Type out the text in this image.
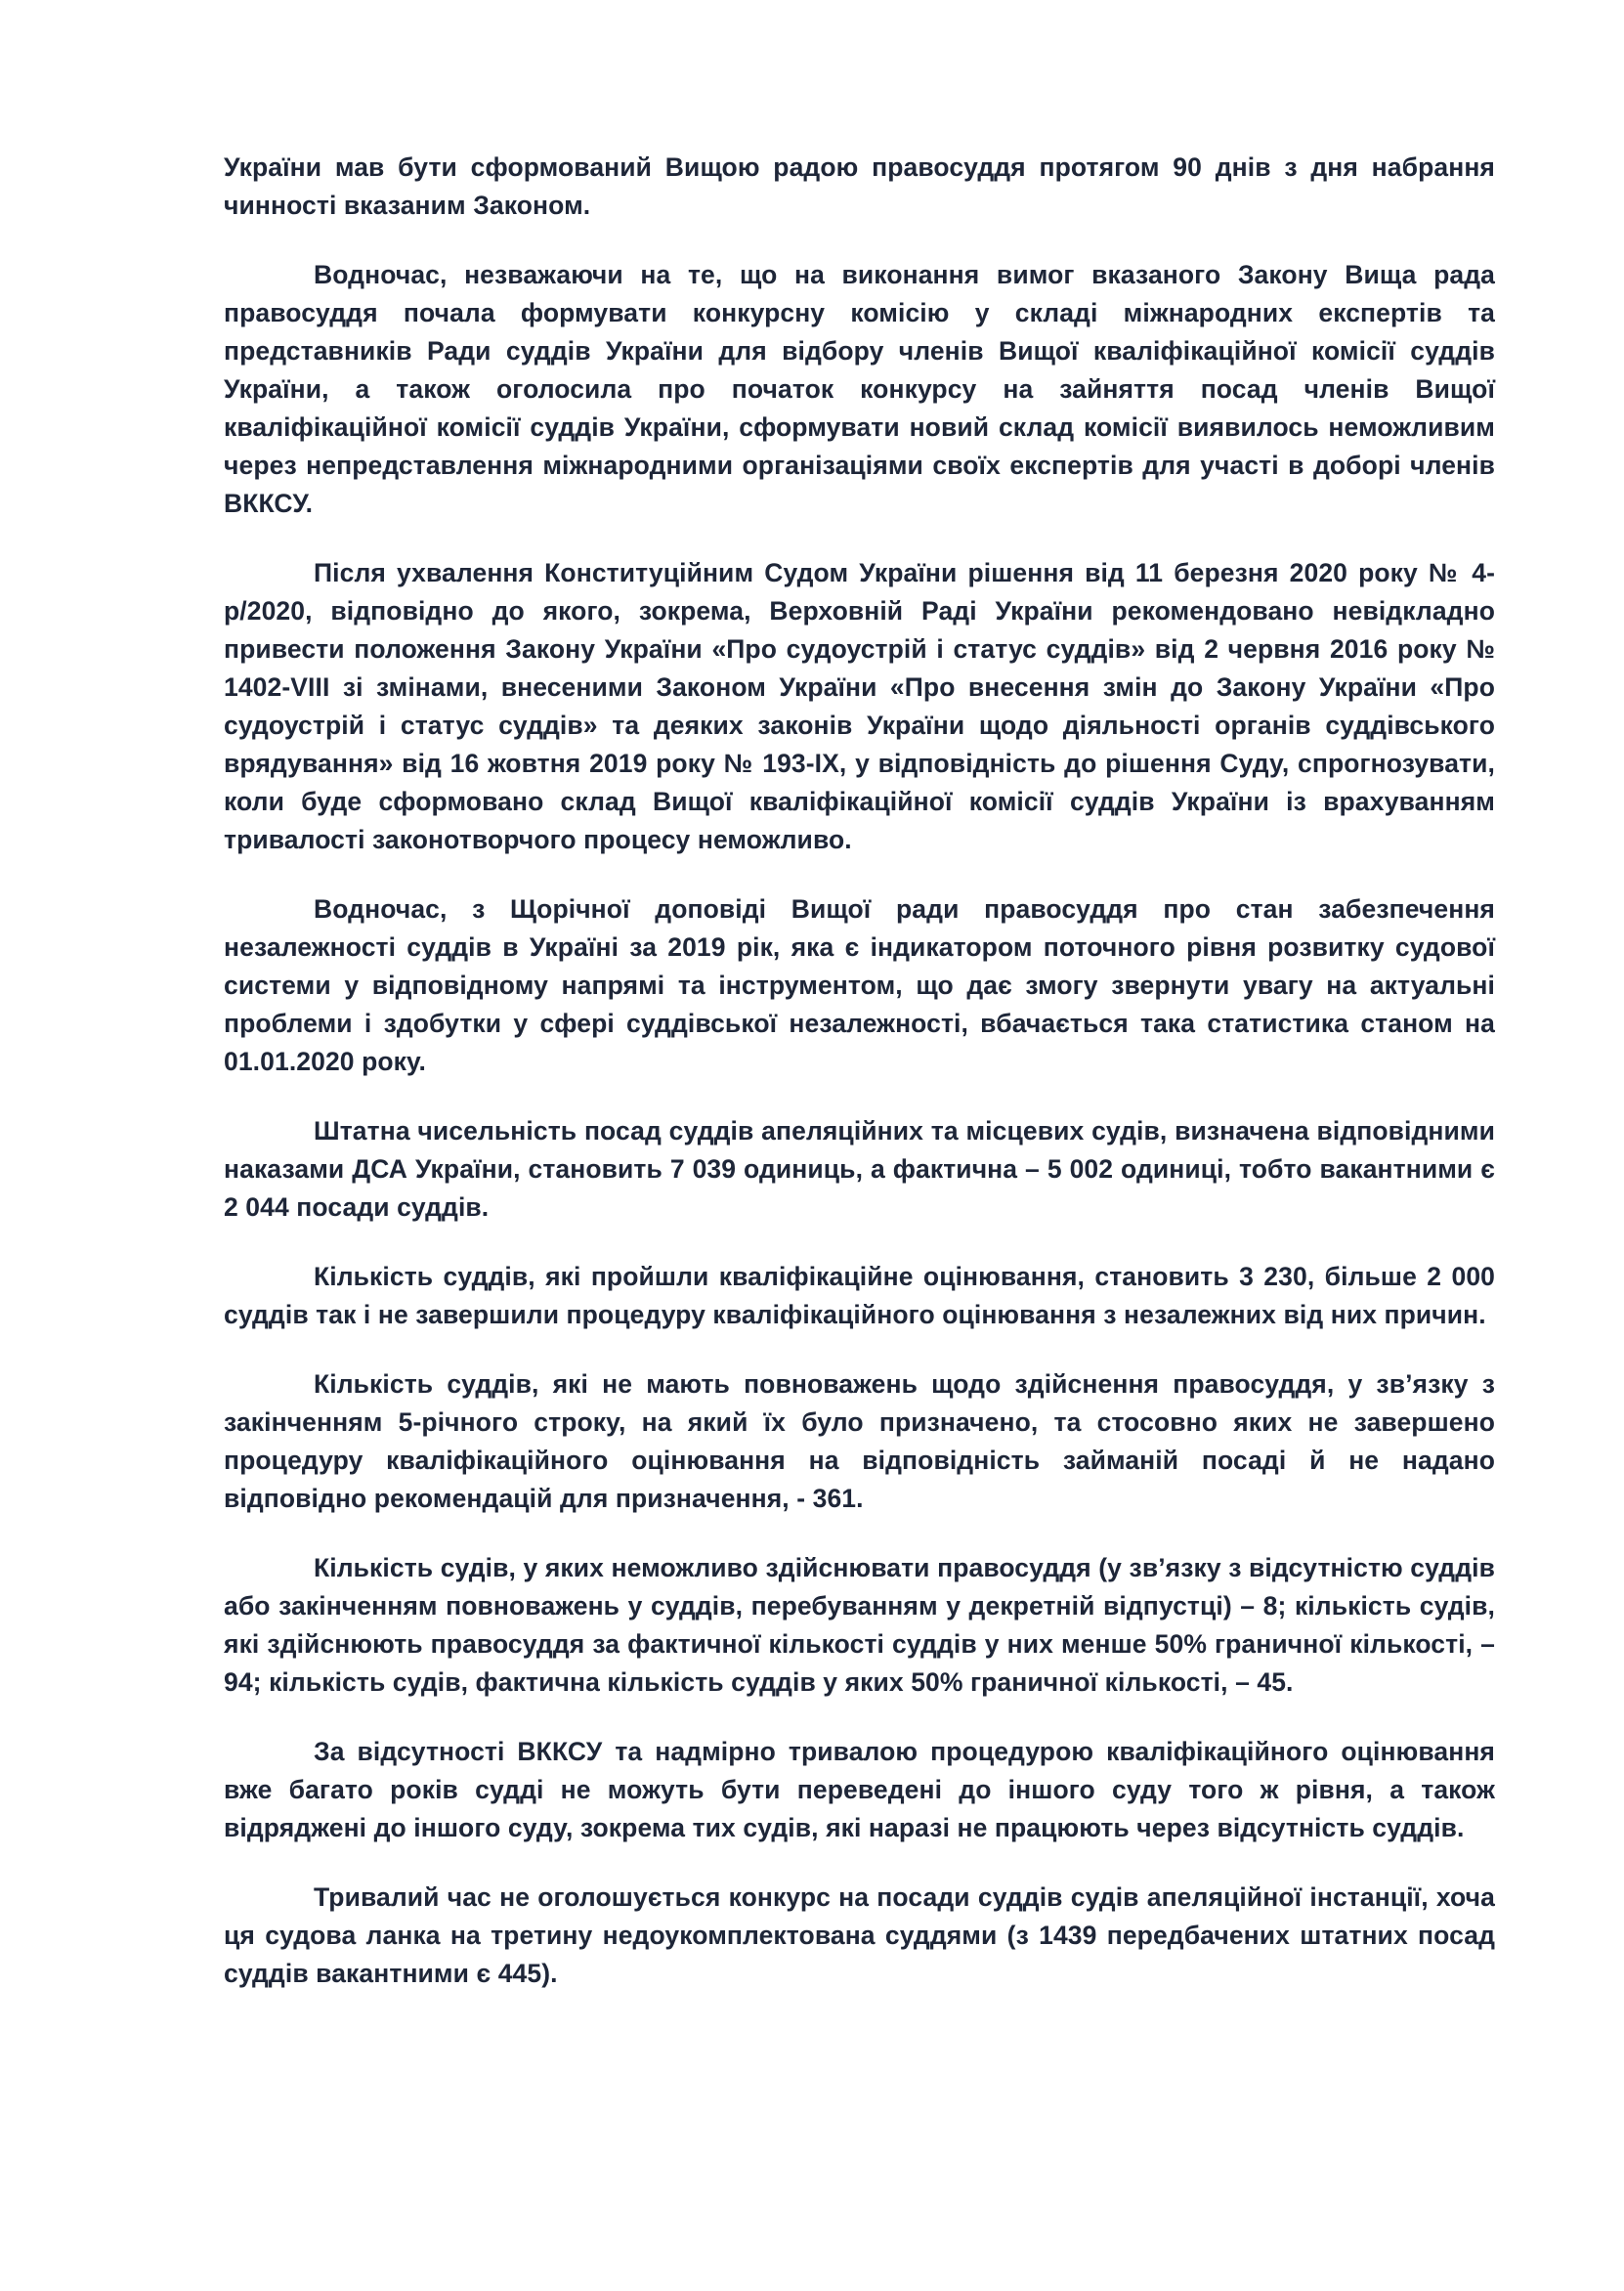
України мав бути сформований Вищою радою правосуддя протягом 90 днів з дня набрання чинності вказаним Законом.

Водночас, незважаючи на те, що на виконання вимог вказаного Закону Вища рада правосуддя почала формувати конкурсну комісію у складі міжнародних експертів та представників Ради суддів України для відбору членів Вищої кваліфікаційної комісії суддів України, а також оголосила про початок конкурсу на зайняття посад членів Вищої кваліфікаційної комісії суддів України, сформувати новий склад комісії виявилось неможливим через непредставлення міжнародними організаціями своїх експертів для участі в доборі членів ВККСУ.

Після ухвалення Конституційним Судом України рішення від 11 березня 2020 року № 4-р/2020, відповідно до якого, зокрема, Верховній Раді України рекомендовано невідкладно привести положення Закону України «Про судоустрій і статус суддів» від 2 червня 2016 року № 1402-VIII зі змінами, внесеними Законом України «Про внесення змін до Закону України «Про судоустрій і статус суддів» та деяких законів України щодо діяльності органів суддівського врядування» від 16 жовтня 2019 року № 193-IX, у відповідність до рішення Суду, спрогнозувати, коли буде сформовано склад Вищої кваліфікаційної комісії суддів України із врахуванням тривалості законотворчого процесу неможливо.

Водночас, з Щорічної доповіді Вищої ради правосуддя про стан забезпечення незалежності суддів в Україні за 2019 рік, яка є індикатором поточного рівня розвитку судової системи у відповідному напрямі та інструментом, що дає змогу звернути увагу на актуальні проблеми і здобутки у сфері суддівської незалежності, вбачається така статистика станом на 01.01.2020 року.

Штатна чисельність посад суддів апеляційних та місцевих судів, визначена відповідними наказами ДСА України, становить 7 039 одиниць, а фактична – 5 002 одиниці, тобто вакантними є 2 044 посади суддів.

Кількість суддів, які пройшли кваліфікаційне оцінювання, становить 3 230, більше 2 000 суддів так і не завершили процедуру кваліфікаційного оцінювання з незалежних від них причин.

Кількість суддів, які не мають повноважень щодо здійснення правосуддя, у зв’язку з закінченням 5-річного строку, на який їх було призначено, та стосовно яких не завершено процедуру кваліфікаційного оцінювання на відповідність займаній посаді й не надано відповідно рекомендацій для призначення, - 361.

Кількість судів, у яких неможливо здійснювати правосуддя (у зв’язку з відсутністю суддів або закінченням повноважень у суддів, перебуванням у декретній відпустці) – 8; кількість судів, які здійснюють правосуддя за фактичної кількості суддів у них менше 50% граничної кількості, – 94; кількість судів, фактична кількість суддів у яких 50% граничної кількості, – 45.

За відсутності ВККСУ та надмірно тривалою процедурою кваліфікаційного оцінювання вже багато років судді не можуть бути переведені до іншого суду того ж рівня, а також відряджені до іншого суду, зокрема тих судів, які наразі не працюють через відсутність суддів.

Тривалий час не оголошується конкурс на посади суддів судів апеляційної інстанції, хоча ця судова ланка на третину недоукомплектована суддями (з 1439 передбачених штатних посад суддів вакантними є 445).
